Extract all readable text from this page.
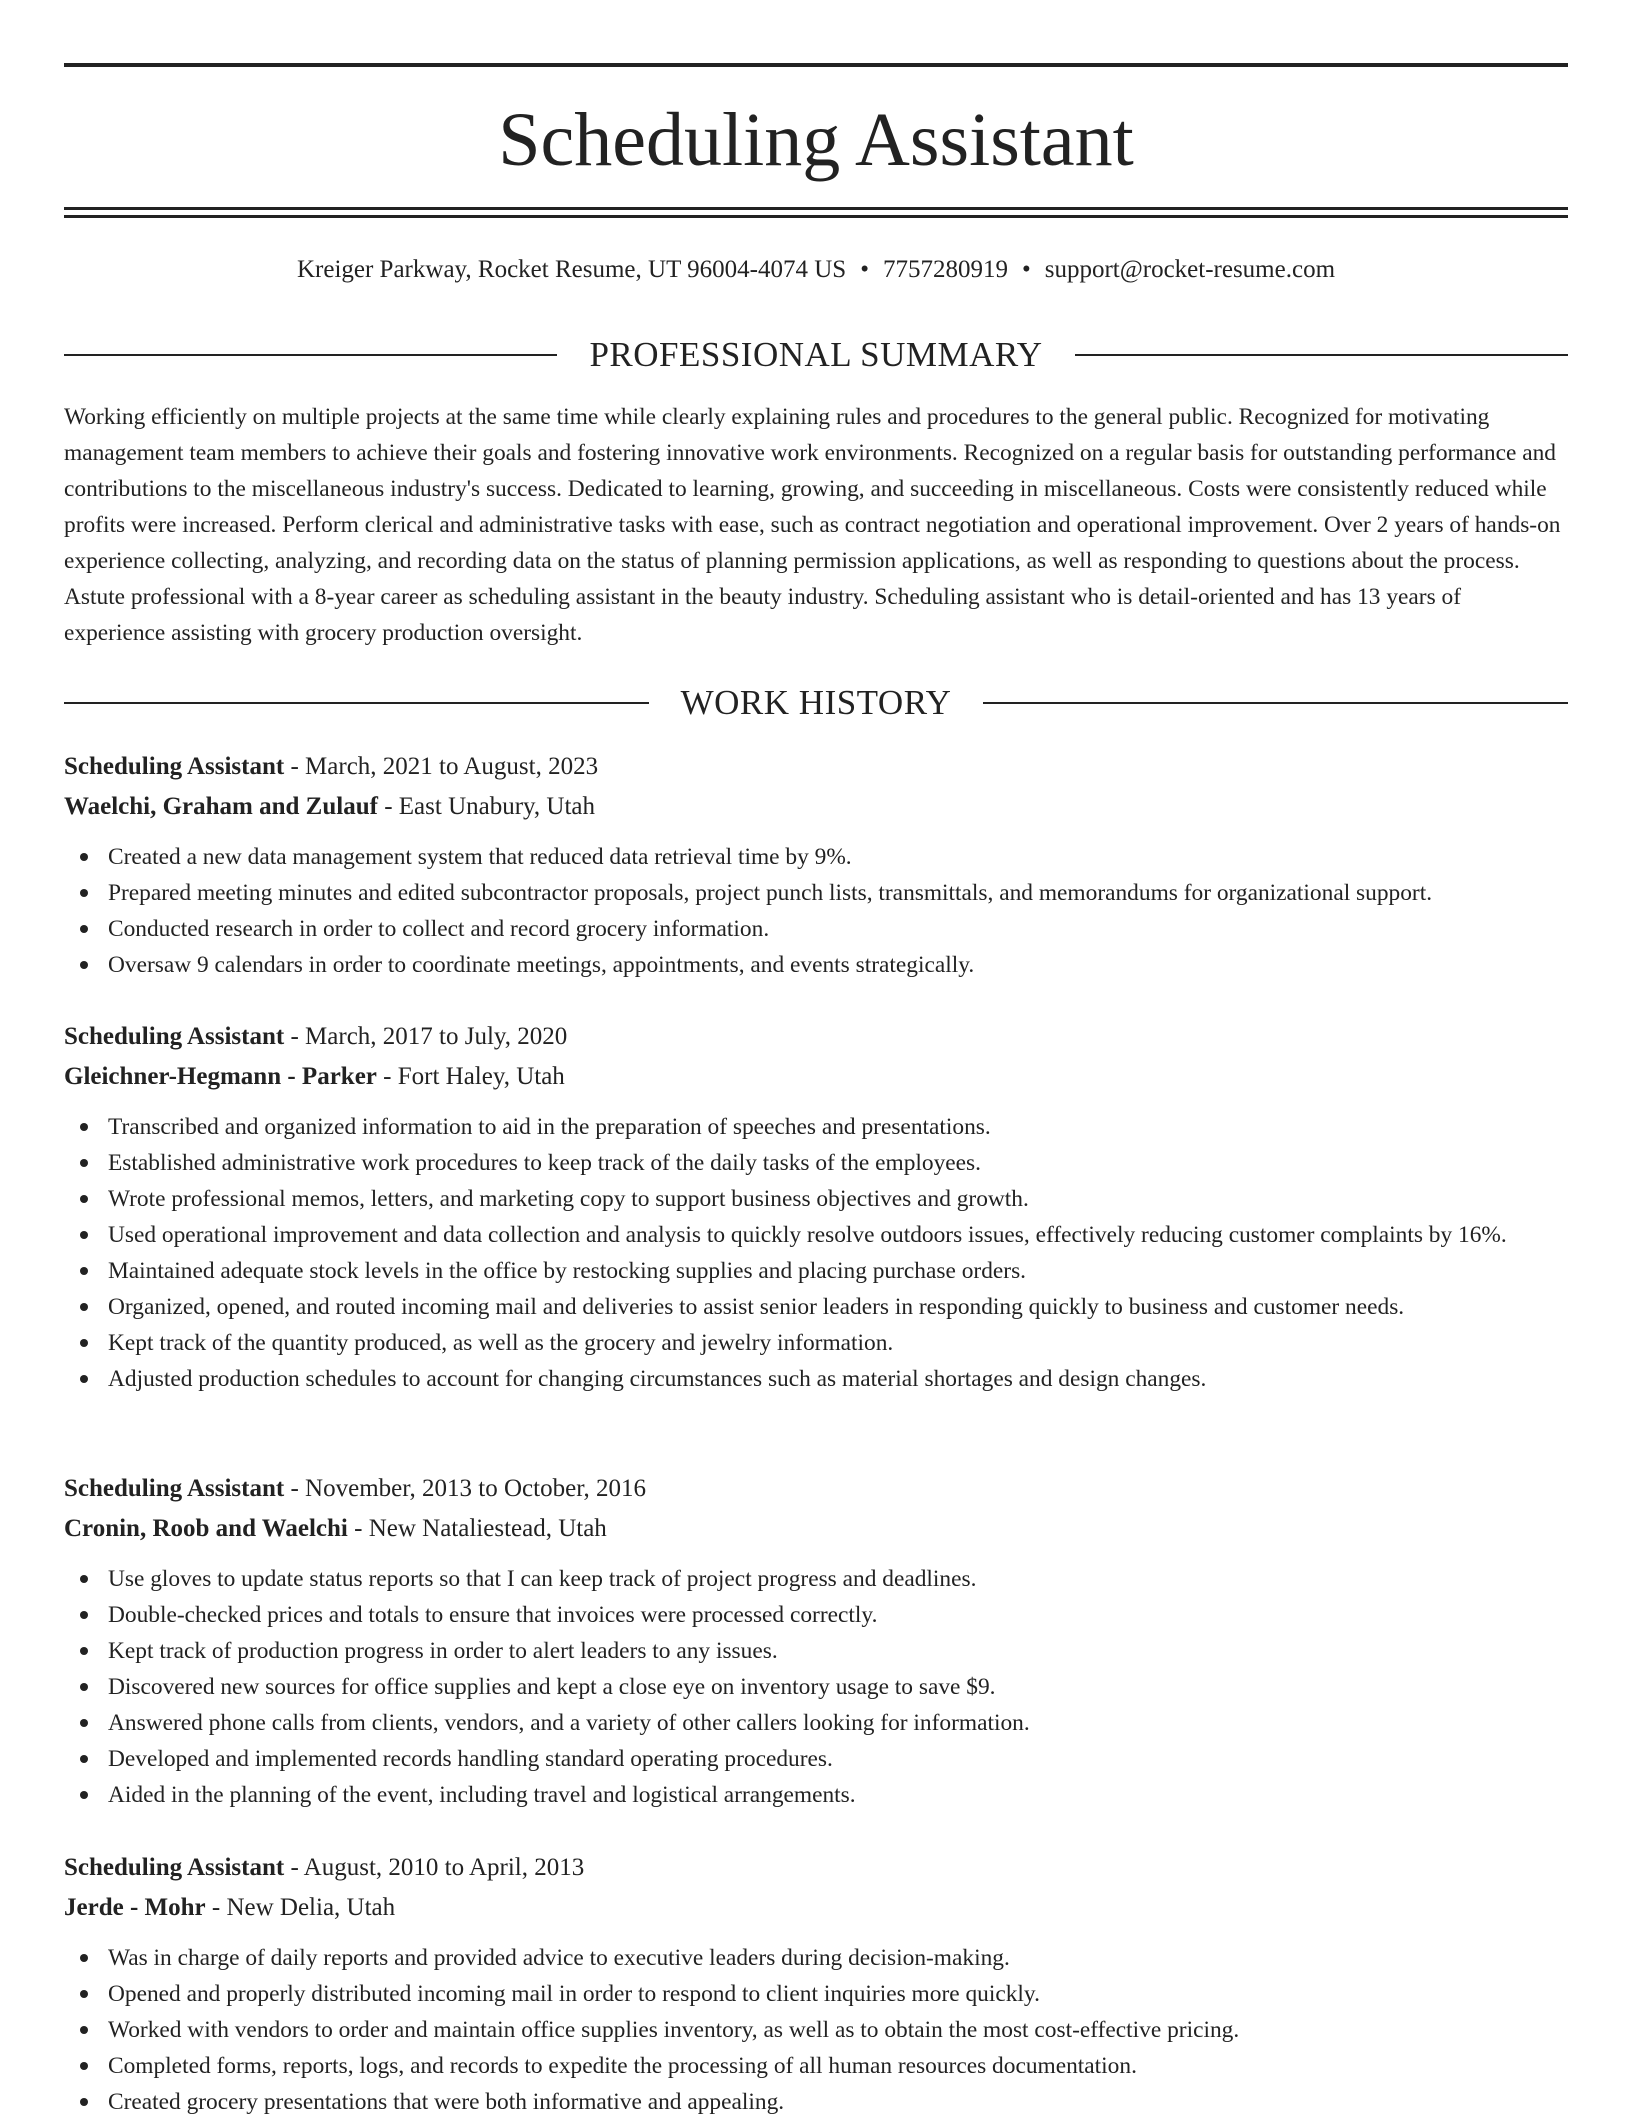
Scheduling Assistant
Kreiger Parkway, Rocket Resume, UT 96004-4074 US • 7757280919 • support@rocket-resume.com
PROFESSIONAL SUMMARY

Working efficiently on multiple projects at the same time while clearly explaining rules and procedures to the general public. Recognized for motivating management team members to achieve their goals and fostering innovative work environments. Recognized on a regular basis for outstanding performance and contributions to the miscellaneous industry's success. Dedicated to learning, growing, and succeeding in miscellaneous. Costs were consistently reduced while profits were increased. Perform clerical and administrative tasks with ease, such as contract negotiation and operational improvement. Over 2 years of hands-on experience collecting, analyzing, and recording data on the status of planning permission applications, as well as responding to questions about the process. Astute professional with a 8-year career as scheduling assistant in the beauty industry. Scheduling assistant who is detail-oriented and has 13 years of experience assisting with grocery production oversight.

WORK HISTORY

Scheduling Assistant - March, 2021 to August, 2023

Waelchi, Graham and Zulauf - East Unabury, Utah

Created a new data management system that reduced data retrieval time by 9%.
Prepared meeting minutes and edited subcontractor proposals, project punch lists, transmittals, and memorandums for organizational support.
Conducted research in order to collect and record grocery information.
Oversaw 9 calendars in order to coordinate meetings, appointments, and events strategically.

Scheduling Assistant - March, 2017 to July, 2020

Gleichner-Hegmann - Parker - Fort Haley, Utah

Transcribed and organized information to aid in the preparation of speeches and presentations.
Established administrative work procedures to keep track of the daily tasks of the employees.
Wrote professional memos, letters, and marketing copy to support business objectives and growth.
Used operational improvement and data collection and analysis to quickly resolve outdoors issues, effectively reducing customer complaints by 16%.
Maintained adequate stock levels in the office by restocking supplies and placing purchase orders.
Organized, opened, and routed incoming mail and deliveries to assist senior leaders in responding quickly to business and customer needs.
Kept track of the quantity produced, as well as the grocery and jewelry information.
Adjusted production schedules to account for changing circumstances such as material shortages and design changes.

Scheduling Assistant - November, 2013 to October, 2016

Cronin, Roob and Waelchi - New Nataliestead, Utah

Use gloves to update status reports so that I can keep track of project progress and deadlines.
Double-checked prices and totals to ensure that invoices were processed correctly.
Kept track of production progress in order to alert leaders to any issues.
Discovered new sources for office supplies and kept a close eye on inventory usage to save $9.
Answered phone calls from clients, vendors, and a variety of other callers looking for information.
Developed and implemented records handling standard operating procedures.
Aided in the planning of the event, including travel and logistical arrangements.

Scheduling Assistant - August, 2010 to April, 2013

Jerde - Mohr - New Delia, Utah

Was in charge of daily reports and provided advice to executive leaders during decision-making.
Opened and properly distributed incoming mail in order to respond to client inquiries more quickly.
Worked with vendors to order and maintain office supplies inventory, as well as to obtain the most cost-effective pricing.
Completed forms, reports, logs, and records to expedite the processing of all human resources documentation.
Created grocery presentations that were both informative and appealing.
